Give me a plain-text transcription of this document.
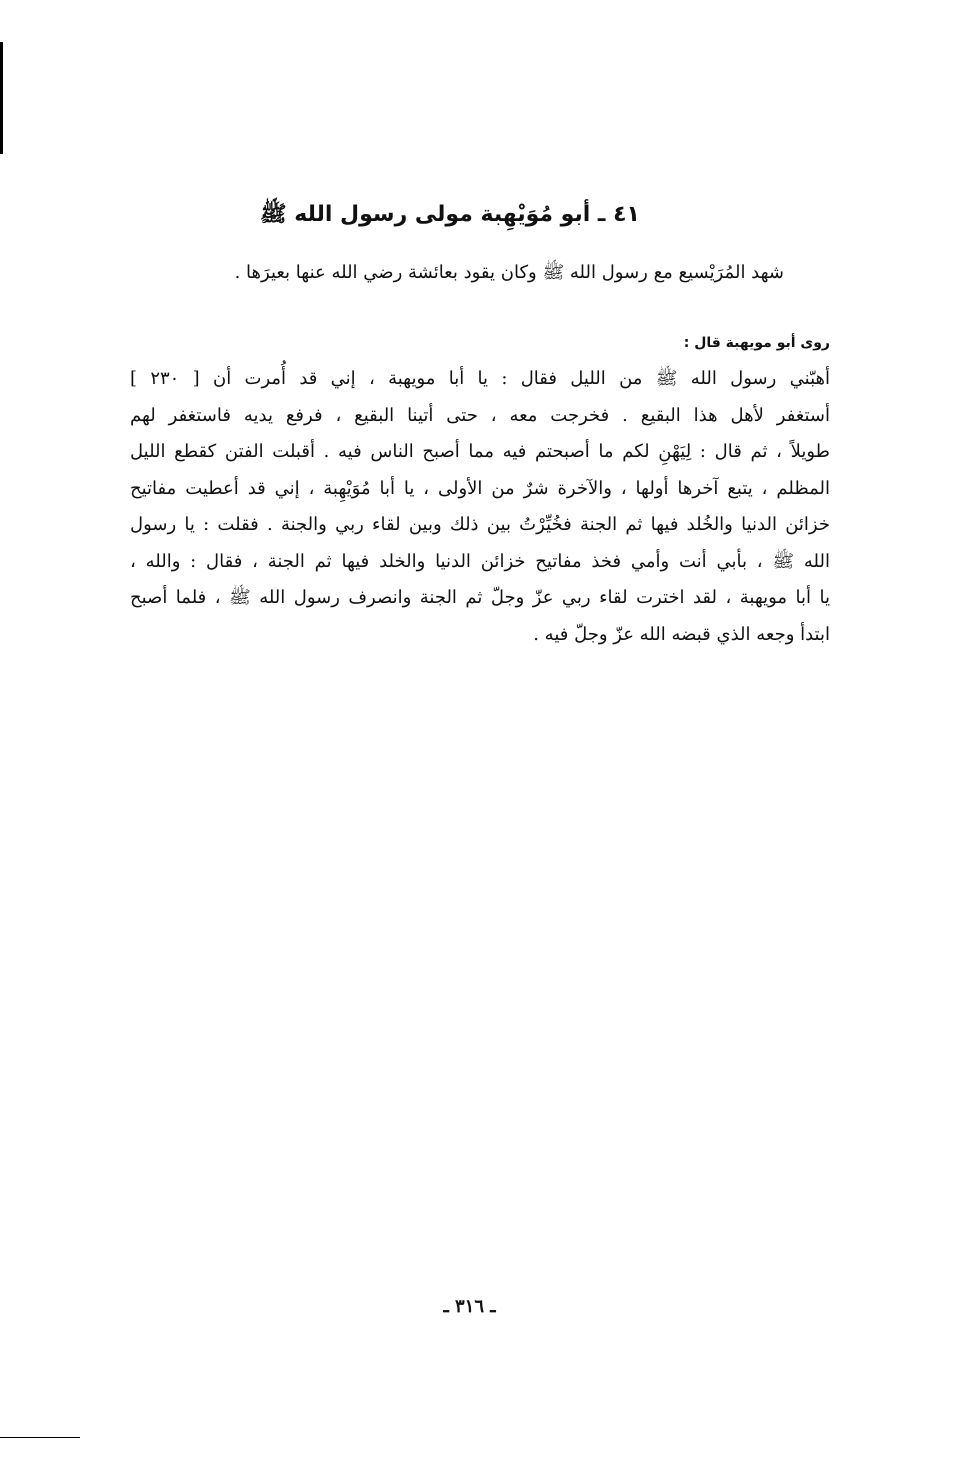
٤١ ـ أبو مُوَيْهِبة مولى رسول الله ﷺ

شهد المُرَيْسيع مع رسول الله ﷺ وكان يقود بعائشة رضي الله عنها بعيرَها .

روى أبو مويهبة قال :

أهبّني رسول الله ﷺ من الليل فقال : يا أبا مويهبة ، إني قد أُمرت أن [ ٢٣٠ ]
أستغفر لأهل هذا البقيع . فخرجت معه ، حتى أتينا البقيع ، فرفع يديه فاستغفر لهم
طويلاً ، ثم قال : لِيَهْنِ لكم ما أصبحتم فيه مما أصبح الناس فيه . أقبلت الفتن كقطع الليل
المظلم ، يتبع آخرها أولها ، والآخرة شرٌ من الأولى ، يا أبا مُوَيْهِبة ، إني قد أعطيت مفاتيح
خزائن الدنيا والخُلد فيها ثم الجنة فخُيِّرْتُ بين ذلك وبين لقاء ربي والجنة . فقلت : يا رسول
الله ﷺ ، بأبي أنت وأمي فخذ مفاتيح خزائن الدنيا والخلد فيها ثم الجنة ، فقال : والله ،
يا أبا مويهبة ، لقد اخترت لقاء ربي عزّ وجلّ ثم الجنة وانصرف رسول الله ﷺ ، فلما أصبح
ابتدأ وجعه الذي قبضه الله عزّ وجلّ فيه .
ـ ٣١٦ ـ
